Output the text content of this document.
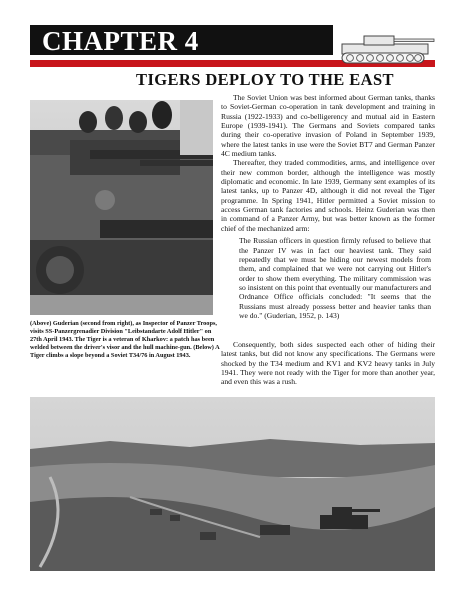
CHAPTER 4
TIGERS DEPLOY TO THE EAST
(Above) Guderian (second from right), as Inspector of Panzer Troops, visits SS-Panzergrenadier Division "Leibstandarte Adolf Hitler" on 27th April 1943. The Tiger is a veteran of Kharkov: a patch has been welded between the driver's visor and the hull machine-gun. (Below) A Tiger climbs a slope beyond a Soviet T34/76 in August 1943.

The Soviet Union was best informed about German tanks, thanks to Soviet-German co-operation in tank development and training in Russia (1922-1933) and co-belligerency and mutual aid in Eastern Europe (1939-1941). The Germans and Soviets compared tanks during their co-operative invasion of Poland in September 1939, where the latest tanks in use were the Soviet BT7 and German Panzer 4C medium tanks.

Thereafter, they traded commodities, arms, and intelligence over their new common border, although the intelligence was mostly diplomatic and economic. In late 1939, Germany sent examples of its latest tanks, up to Panzer 4D, although it did not reveal the Tiger programme. In Spring 1941, Hitler permitted a Soviet mission to access German tank factories and schools. Heinz Guderian was then in command of a Panzer Army, but was better known as the former chief of the mechanized arm:

The Russian officers in question firmly refused to believe that the Panzer IV was in fact our heaviest tank. They said repeatedly that we must be hiding our newest models from them, and complained that we were not carrying out Hitler's order to show them everything. The military commission was so insistent on this point that eventually our manufacturers and Ordnance Office officials concluded: "It seems that the Russians must already possess better and heavier tanks than we do." (Guderian, 1952, p. 143)

Consequently, both sides suspected each other of hiding their latest tanks, but did not know any specifications. The Germans were shocked by the T34 medium and KV1 and KV2 heavy tanks in July 1941. They were not ready with the Tiger for more than another year, and even this was a rush.
